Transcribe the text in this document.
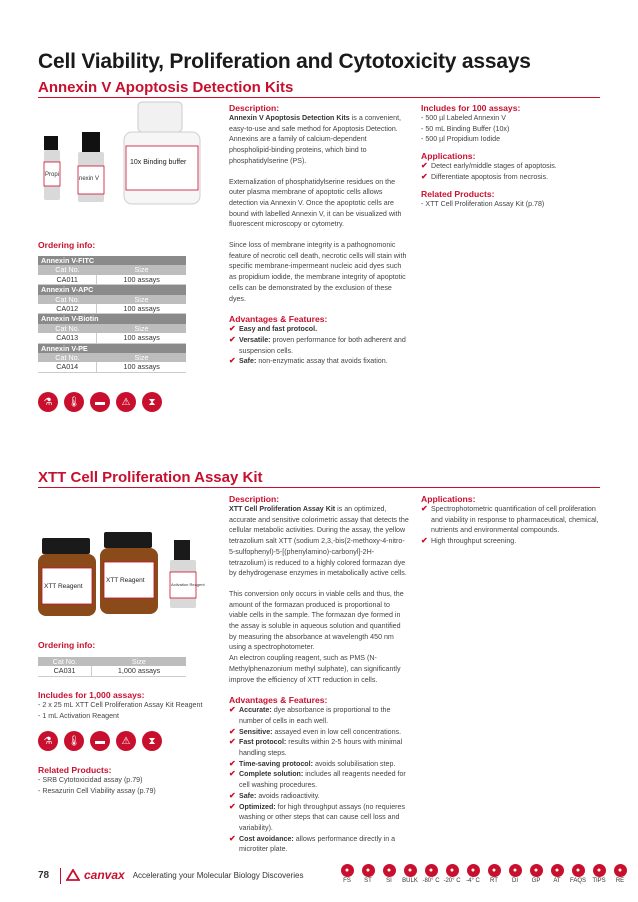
Cell Viability, Proliferation and Cytotoxicity assays
Annexin V Apoptosis Detection Kits
Propi
nexin V
10x Binding buffer
Description:
Annexin V Apoptosis Detection Kits is a convenient, easy-to-use and safe method for Apoptosis Detection. Annexins are a family of calcium-dependent phospholipid-binding proteins, which bind to phosphatidylserine (PS).
Externalization of phosphatidylserine residues on the outer plasma membrane of apoptotic cells allows detection via Annexin V. Once the apoptotic cells are bound with labelled Annexin V, it can be visualized with fluorescent microscopy or cytometry.
Since loss of membrane integrity is a pathognomonic feature of necrotic cell death, necrotic cells will stain with specific membrane-impermeant nucleic acid dyes such as propidium iodide, the membrane integrity of apoptotic cells can be demonstrated by the exclusion of these dyes.
Advantages & Features:
✔ Easy and fast protocol.
✔ Versatile: proven performance for both adherent and suspension cells.
✔ Safe: non-enzymatic assay that avoids fixation.
Includes for 100 assays:
- 500 µl Labeled Annexin V
- 50 mL Binding Buffer (10x)
- 500 µl Propidium Iodide
Applications:
✔ Detect early/middle stages of apoptosis.
✔ Differentiate apoptosis from necrosis.
Related Products:
- XTT Cell Proliferation Assay Kit (p.78)
Ordering info:
Annexin V-FITC	
Cat No.	Size
CA011	100 assays
Annexin V-APC	
Cat No.	Size
CA012	100 assays
Annexin V-Biotin	
Cat No.	Size
CA013	100 assays
Annexin V-PE	
Cat No.	Size
CA014	100 assays
⚗	🌡	▬	⚠	⧗
XTT Cell Proliferation Assay Kit
XTT Reagent
XTT Reagent
Activation Reagent
Description:
XTT Cell Proliferation Assay Kit is an optimized, accurate and sensitive colorimetric assay that detects the cellular metabolic activities. During the assay, the yellow tetrazolium salt XTT (sodium 2,3,-bis(2-methoxy-4-nitro-5-sulfophenyl)-5-[(phenylamino)-carbonyl]-2H-tetrazolium) is reduced to a highly colored formazan dye by dehydrogenase enzymes in metabolically active cells.
This conversion only occurs in viable cells and thus, the amount of the formazan produced is proportional to viable cells in the sample. The formazan dye formed in the assay is soluble in aqueous solution and quantified by measuring the absorbance at wavelength 450 nm using a spectrophotometer.
An electron coupling reagent, such as PMS (N-Methylphenazonium methyl sulphate), can significantly improve the efficiency of XTT reduction in cells.
Advantages & Features:
✔ Accurate: dye absorbance is proportional to the number of cells in each well.
✔ Sensitive: assayed even in low cell concentrations.
✔ Fast protocol: results within 2-5 hours with minimal handling steps.
✔ Time-saving protocol: avoids solubilisation step.
✔ Complete solution: includes all reagents needed for cell washing procedures.
✔ Safe: avoids radioactivity.
✔ Optimized: for high throughput assays (no requieres washing or other steps that can cause cell loss and variability).
✔ Cost avoidance: allows performance directly in a microtiter plate.
Applications:
✔ Spectrophotometric quantification of cell proliferation and viability in response to pharmaceutical, chemical, nutrients and environmental compounds.
✔ High throughput screening.
Ordering info:
Cat No.	Size
CA031	1,000 assays
Includes for 1,000 assays:
- 2 x 25 mL XTT Cell Proliferation Assay Kit Reagent
- 1 mL Activation Reagent
⚗	🌡	▬	⚠	⧗
Related Products:
- SRB Cytotoxicidad assay (p.79)
- Resazurin Cell Viability assay (p.79)
78	canvax Accelerating your Molecular Biology Discoveries	●
FS
●
ST
●
SI
●
BULK
●
-80° C
●
-20° C
●
-4° C
●
RT
●
DI
●
GP
●
AT
●
FAQS
●
TIPS
●
RE
